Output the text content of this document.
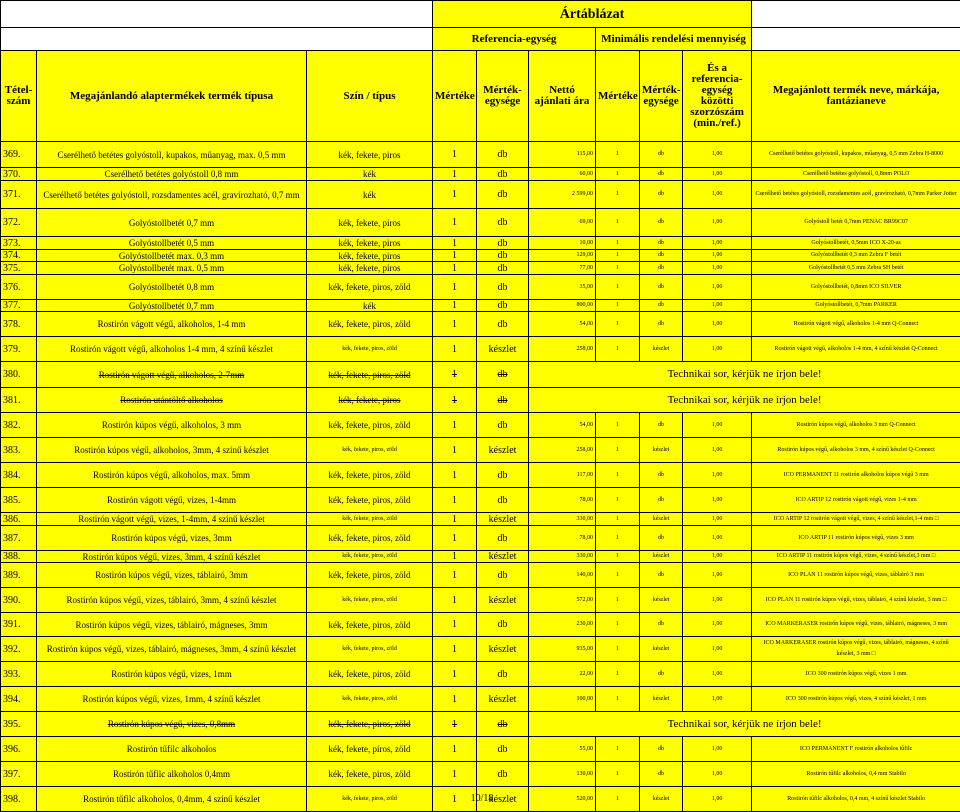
			Ártáblázat						
			Referencia-egység			Minimális rendelési mennyiség			
Tétel-szám	Megajánlandó alaptermékek termék típusa	Szín / típus	Mértéke	Mérték-egysége	Nettó ajánlati ára	Mértéke	Mérték-egysége	És a referencia-egység közötti szorzószám (min./ref.)	Megajánlott termék neve, márkája, fantázianeve
369.	Cserélhető betétes golyóstoll, kupakos, műanyag, max. 0,5 mm	kék, fekete, piros	1	db	115,00	1	db	1,00	Cserélhető betétes golyóstoll, kupakos, műanyag, 0,5 mm Zebra H-8000
370.	Cserélhető betétes golyóstoll 0,8 mm	kék	1	db	60,00	1	db	1,00	Cserélhető betétes golyóstoll, 0,8mm POLO
371.	Cserélhető betétes golyóstoll, rozsdamentes acél, gravírozható, 0,7 mm	kék	1	db	2 599,00	1	db	1,00	Cserélhető betétes golyóstoll, rozsdamentes acél, gravírozható, 0,7mm Parker Jotter
372.	Golyóstollbetét 0,7 mm	kék, fekete, piros	1	db	69,00	1	db	1,00	Golyóstoll betét 0,7mm PENAC BR99C07
373.	Golyóstollbetét 0,5 mm	kék, fekete, piros	1	db	10,00	1	db	1,00	Golyóstollbetét, 0,5mm ICO X-20-as
374.	Golyóstollbetét max. 0,3 mm	kék, fekete, piros	1	db	129,00	1	db	1,00	Golyóstollbetét 0,3 mm Zebra F betét
375.	Golyóstollbetét max. 0,5 mm	kék, fekete, piros	1	db	77,00	1	db	1,00	Golyóstollbetét 0,5 mm Zebra SH betét
376.	Golyóstollbetét 0,8 mm	kék, fekete, piros, zöld	1	db	35,00	1	db	1,00	Golyóstollbetét, 0,8mm ICO SILVER
377.	Golyóstollbetét 0,7 mm	kék	1	db	800,00	1	db	1,00	Golyóstollbetét, 0,7mm PARKER
378.	Rostirón vágott végű, alkoholos, 1-4 mm	kék, fekete, piros, zöld	1	db	54,00	1	db	1,00	Rostirón vágott végű, alkoholos 1-4 mm Q-Connect
379.	Rostirón vágott végű, alkoholos 1-4 mm, 4 színű készlet	kék, fekete, piros, zöld	1	készlet	258,00	1	készlet	1,00	Rostirón vágott végű, alkoholos 1-4 mm, 4 színű készlet Q-Connect
380.	Rostirón vágott végű, alkoholos, 2-7mm	kék, fekete, piros, zöld	1	db	Technikai sor, kérjük ne írjon bele!				
381.	Rostirón utántöltő alkoholos	kék, fekete, piros	1	db	Technikai sor, kérjük ne írjon bele!				
382.	Rostirón kúpos végű, alkoholos, 3 mm	kék, fekete, piros, zöld	1	db	54,00	1	db	1,00	Rostirón kúpos végű, alkoholos 3 mm Q-Connect
383.	Rostirón kúpos végű, alkoholos, 3mm, 4 színű készlet	kék, fekete, piros, zöld	1	készlet	258,00	1	készlet	1,00	Rostirón kúpos végű, alkoholos 3 mm, 4 színű készlet Q-Connect
384.	Rostirón kúpos végű, alkoholos, max. 5mm	kék, fekete, piros, zöld	1	db	117,00	1	db	1,00	ICO PERMANENT 11 rostirón alkoholos kúpos végű 3 mm
385.	Rostirón vágott végű, vizes, 1-4mm	kék, fekete, piros, zöld	1	db	78,00	1	db	1,00	ICO ARTIP 12 rostirón vágott végű, vizes 1-4 mm
386.	Rostirón vágott végű, vizes, 1-4mm, 4 színű készlet	kék, fekete, piros, zöld	1	készlet	330,00	1	készlet	1,00	ICO ARTIP 12 rostirón vágott végű, vizes, 4 színű készlet,1-4 mm □
387.	Rostirón kúpos végű, vizes, 3mm	kék, fekete, piros, zöld	1	db	78,00	1	db	1,00	ICO ARTIP 11 rostirón kúpos végű, vizes 3 mm
388.	Rostirón kúpos végű, vizes, 3mm, 4 színű készlet	kék, fekete, piros, zöld	1	készlet	330,00	1	készlet	1,00	ICO ARTIP 11 rostirón kúpos végű, vizes, 4 színű készlet,3 mm □
389.	Rostirón kúpos végű, vizes, táblairó, 3mm	kék, fekete, piros, zöld	1	db	140,00	1	db	1,00	ICO PLAN 11 rostirón kúpos végű, vizes, táblairó 3 mm
390.	Rostirón kúpos végű, vizes, táblairó, 3mm, 4 színű készlet	kék, fekete, piros, zöld	1	készlet	572,00	1	készlet	1,00	ICO PLAN 11 rostirón kúpos végű, vizes, táblairó, 4 színű készlet, 3 mm □
391.	Rostirón kúpos végű, vizes, táblairó, mágneses, 3mm	kék, fekete, piros, zöld	1	db	230,00	1	db	1,00	ICO MARKERASER rostirón kúpos végű, vizes, táblairó, mágneses, 3 mm
392.	Rostirón kúpos végű, vizes, táblairó, mágneses, 3mm, 4 színű készlet	kék, fekete, piros, zöld	1	készlet	935,00	1	készlet	1,00	ICO MARKERASER rostirón kúpos végű, vizes, táblairó, mágneses, 4 színű készlet, 3 mm □
393.	Rostirón kúpos végű, vizes, 1mm	kék, fekete, piros, zöld	1	db	22,00	1	db	1,00	ICO 300 rostirón kúpos végű, vizes 1 mm
394.	Rostirón kúpos végű, vizes, 1mm, 4 színű készlet	kék, fekete, piros, zöld	1	készlet	100,00	1	készlet	1,00	ICO 300 rostirón kúpos végű, vizes, 4 színű készlet, 1 mm
395.	Rostirón kúpos végű, vizes, 0,8mm	kék, fekete, piros, zöld	1	db	Technikai sor, kérjük ne írjon bele!				
396.	Rostirón tűfilc alkoholos	kék, fekete, piros, zöld	1	db	55,00	1	db	1,00	ICO PERMANENT F rostirón alkoholos tűfilc
397.	Rostirón tűfilc alkoholos 0,4mm	kék, fekete, piros, zöld	1	db	130,00	1	db	1,00	Rostirón tűfilc alkoholos, 0,4 mm Stabilo
398.	Rostirón tűfilc alkoholos, 0,4mm, 4 színű készlet	kék, fekete, piros, zöld	1	készlet	520,00	1	készlet	1,00	Rostirón tűfilc alkoholos, 0,4 mm, 4 színű készlet Stabilo
10/18
